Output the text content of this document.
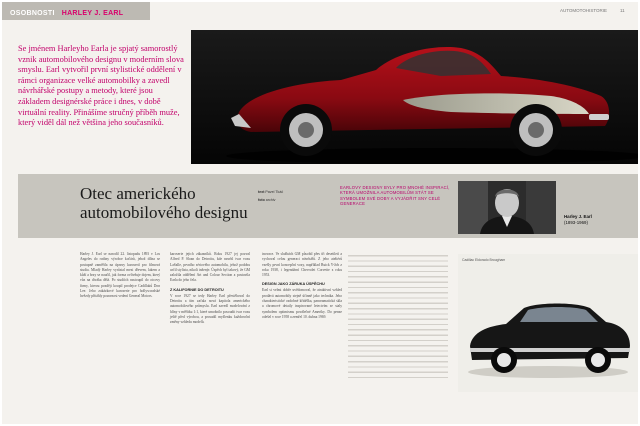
OSOBNOSTI HARLEY J. EARL	AUTOMOTOHISTORIE	11
Se jménem Harleyho Earla je spjatý samorostlý vznik automobilového designu v moderním slova smyslu. Earl vytvořil první stylistické oddělení v rámci organizace velké automobilky a zavedl návrhářské postupy a metody, které jsou základem designérské práce i dnes, v době virtuální reality. Přinášíme stručný příběh muže, který viděl dál než většina jeho současníků.
Otec amerického
automobilového designu
text Pavel Tkáč
foto archiv
EARLOVY DESIGNY BYLY PRO MNOHÉ INSPIRACÍ, KTERÁ UMOŽNILA AUTOMOBILŮM STÁT SE SYMBOLEM SVÉ DOBY A VYJÁDŘIT SNY CELÉ GENERACE
Harley J. Earl
(1893-1969)
Harley J. Earl se narodil 22. listopadu 1893 v Los Angeles do rodiny výrobce kočárů, jehož dílna se postupně zaměřila na úpravy karoserií pro filmová studia. Mladý Harley vyrůstal mezi dřevem, lakem a kůží a brzy se naučil, jak forma ovlivňuje dojem, který vůz na diváka dělá. Po studiích nastoupil do otcovy firmy, kterou později koupil prodejce Cadillaků Don Lee. Jeho zakázkové karoserie pro hollywoodské hvězdy přitáhly pozornost vedení General Motors.
karoserie jejich zákazníků. Roku 1927 jej pozval Alfred P. Sloan do Detroitu, kde navrhl tvar vozu LaSalle, prvního sériového automobilu, jehož podobu určil stylista, nikoli inženýr. Úspěch byl takový, že GM založila oddělení Art and Colour Section a postavila Earla do jeho čela.
Z KALIFORNIE DO DETROITU
V roce 1927 se tedy Harley Earl přestěhoval do Detroitu a tím začala nová kapitola amerického automobilového průmyslu. Earl zavedl modelování z hlíny v měřítku 1:1, které umožnilo posoudit tvar vozu ještě před výrobou, a prosadil myšlenku každoroční změny vzhledu modelů.
inovace. Ve službách GM působil přes tři desetiletí a vychoval celou generaci návrhářů. Z jeho ateliérů vzešly první koncepční vozy, například Buick Y-Job z roku 1938, i legendární Chevrolet Corvette z roku 1953.
DESIGN JAKO ZÁRUKA ÚSPĚCHU
Earl si velmi dobře uvědomoval, že atraktivní vzhled prodává automobily stejně účinně jako technika. Jeho charakteristické ozdobné křidélka, panoramatická skla a chromové detaily inspirované letectvím se staly symbolem optimismu poválečné Ameriky. Do penze odešel v roce 1958 a zemřel 10. dubna 1969.
Cadillac Eldorado Brougham
